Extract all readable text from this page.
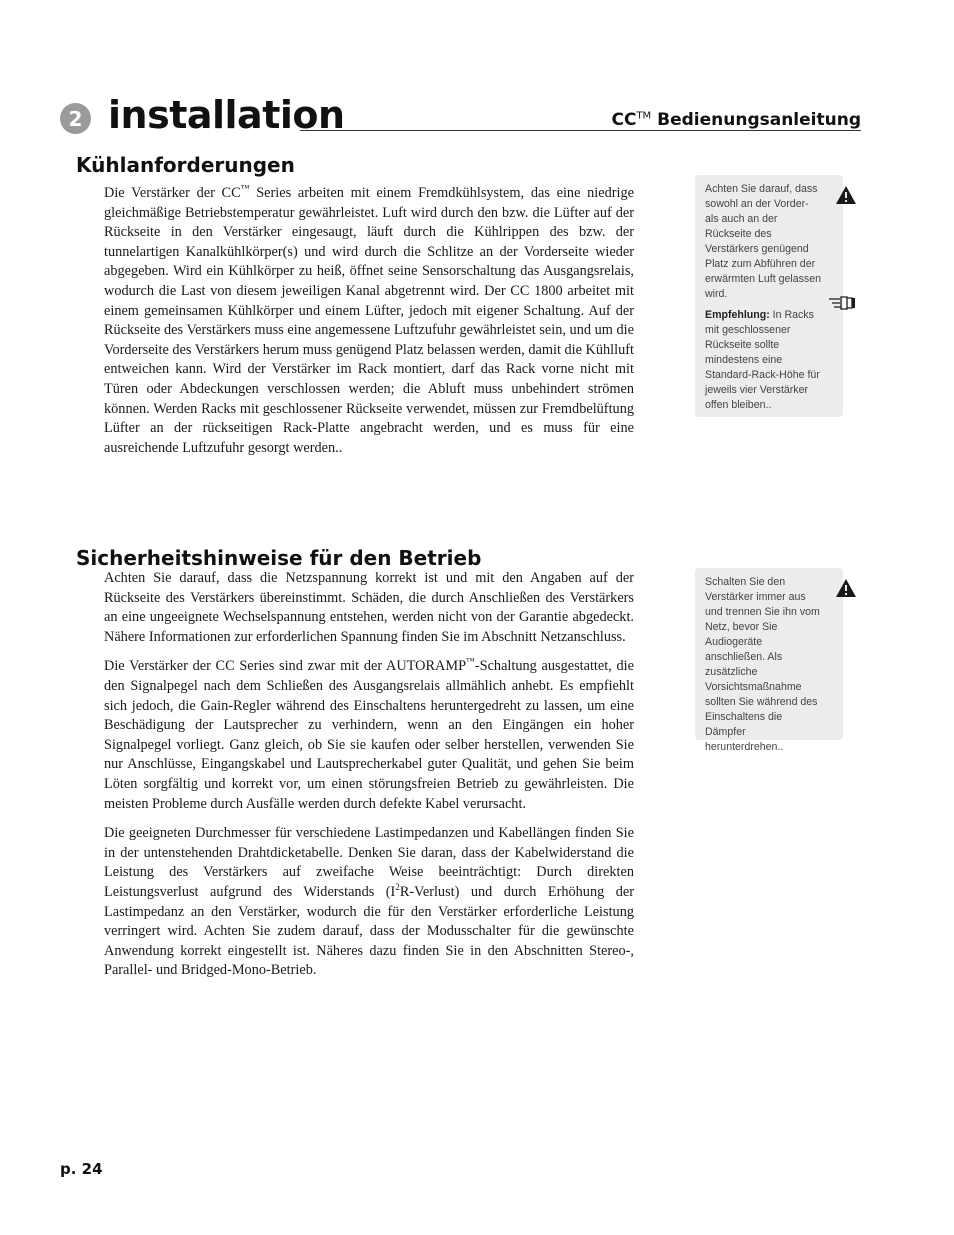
2 installation	CC™ Bedienungsanleitung
Kühlanforderungen

Die Verstärker der CC™ Series arbeiten mit einem Fremdkühlsystem, das eine niedrige gleichmäßige Betriebstemperatur gewährleistet. Luft wird durch den bzw. die Lüfter auf der Rückseite in den Verstärker eingesaugt, läuft durch die Kühlrippen des bzw. der tunnelartigen Kanalkühlkörper(s) und wird durch die Schlitze an der Vorderseite wieder abgegeben. Wird ein Kühlkörper zu heiß, öffnet seine Sensorschaltung das Ausgangsrelais, wodurch die Last von diesem jeweiligen Kanal abgetrennt wird. Der CC 1800 arbeitet mit einem gemeinsamen Kühlkörper und einem Lüfter, jedoch mit eigener Schaltung. Auf der Rückseite des Verstärkers muss eine angemessene Luftzufuhr gewährleistet sein, und um die Vorderseite des Verstärkers herum muss genügend Platz belassen werden, damit die Kühlluft entweichen kann. Wird der Verstärker im Rack montiert, darf das Rack vorne nicht mit Türen oder Abdeckungen verschlossen werden; die Abluft muss unbehindert strömen können. Werden Racks mit geschlossener Rückseite verwendet, müssen zur Fremdbelüftung Lüfter an der rückseitigen Rack-Platte angebracht werden, und es muss für eine ausreichende Luftzufuhr gesorgt werden..

Achten Sie darauf, dass sowohl an der Vorder- als auch an der Rückseite des Verstärkers genügend Platz zum Abführen der erwärmten Luft gelassen wird.

Empfehlung: In Racks mit geschlossener Rückseite sollte mindestens eine Standard-Rack-Höhe für jeweils vier Verstärker offen bleiben..

Sicherheitshinweise für den Betrieb

Achten Sie darauf, dass die Netzspannung korrekt ist und mit den Angaben auf der Rückseite des Verstärkers übereinstimmt. Schäden, die durch Anschließen des Verstärkers an eine ungeeignete Wechselspannung entstehen, werden nicht von der Garantie abgedeckt. Nähere Informationen zur erforderlichen Spannung finden Sie im Abschnitt Netzanschluss.

Die Verstärker der CC Series sind zwar mit der AUTORAMP™-Schaltung ausgestattet, die den Signalpegel nach dem Schließen des Ausgangsrelais allmählich anhebt. Es empfiehlt sich jedoch, die Gain-Regler während des Einschaltens heruntergedreht zu lassen, um eine Beschädigung der Lautsprecher zu verhindern, wenn an den Eingängen ein hoher Signalpegel vorliegt. Ganz gleich, ob Sie sie kaufen oder selber herstellen, verwenden Sie nur Anschlüsse, Eingangskabel und Lautsprecherkabel guter Qualität, und gehen Sie beim Löten sorgfältig und korrekt vor, um einen störungsfreien Betrieb zu gewährleisten. Die meisten Probleme durch Ausfälle werden durch defekte Kabel verursacht.

Die geeigneten Durchmesser für verschiedene Lastimpedanzen und Kabellängen finden Sie in der untenstehenden Drahtdicketabelle. Denken Sie daran, dass der Kabelwiderstand die Leistung des Verstärkers auf zweifache Weise beeinträchtigt: Durch direkten Leistungsverlust aufgrund des Widerstands $(I^2R-Verlust)$ und durch Erhöhung der Lastimpedanz an den Verstärker, wodurch die für den Verstärker erforderliche Leistung verringert wird. Achten Sie zudem darauf, dass der Modusschalter für die gewünschte Anwendung korrekt eingestellt ist. Näheres dazu finden Sie in den Abschnitten Stereo-, Parallel- und Bridged-Mono-Betrieb.

Schalten Sie den Verstärker immer aus und trennen Sie ihn vom Netz, bevor Sie Audiogeräte anschließen. Als zusätzliche Vorsichtsmaßnahme sollten Sie während des Einschaltens die Dämpfer herunterdrehen..

p. 24
